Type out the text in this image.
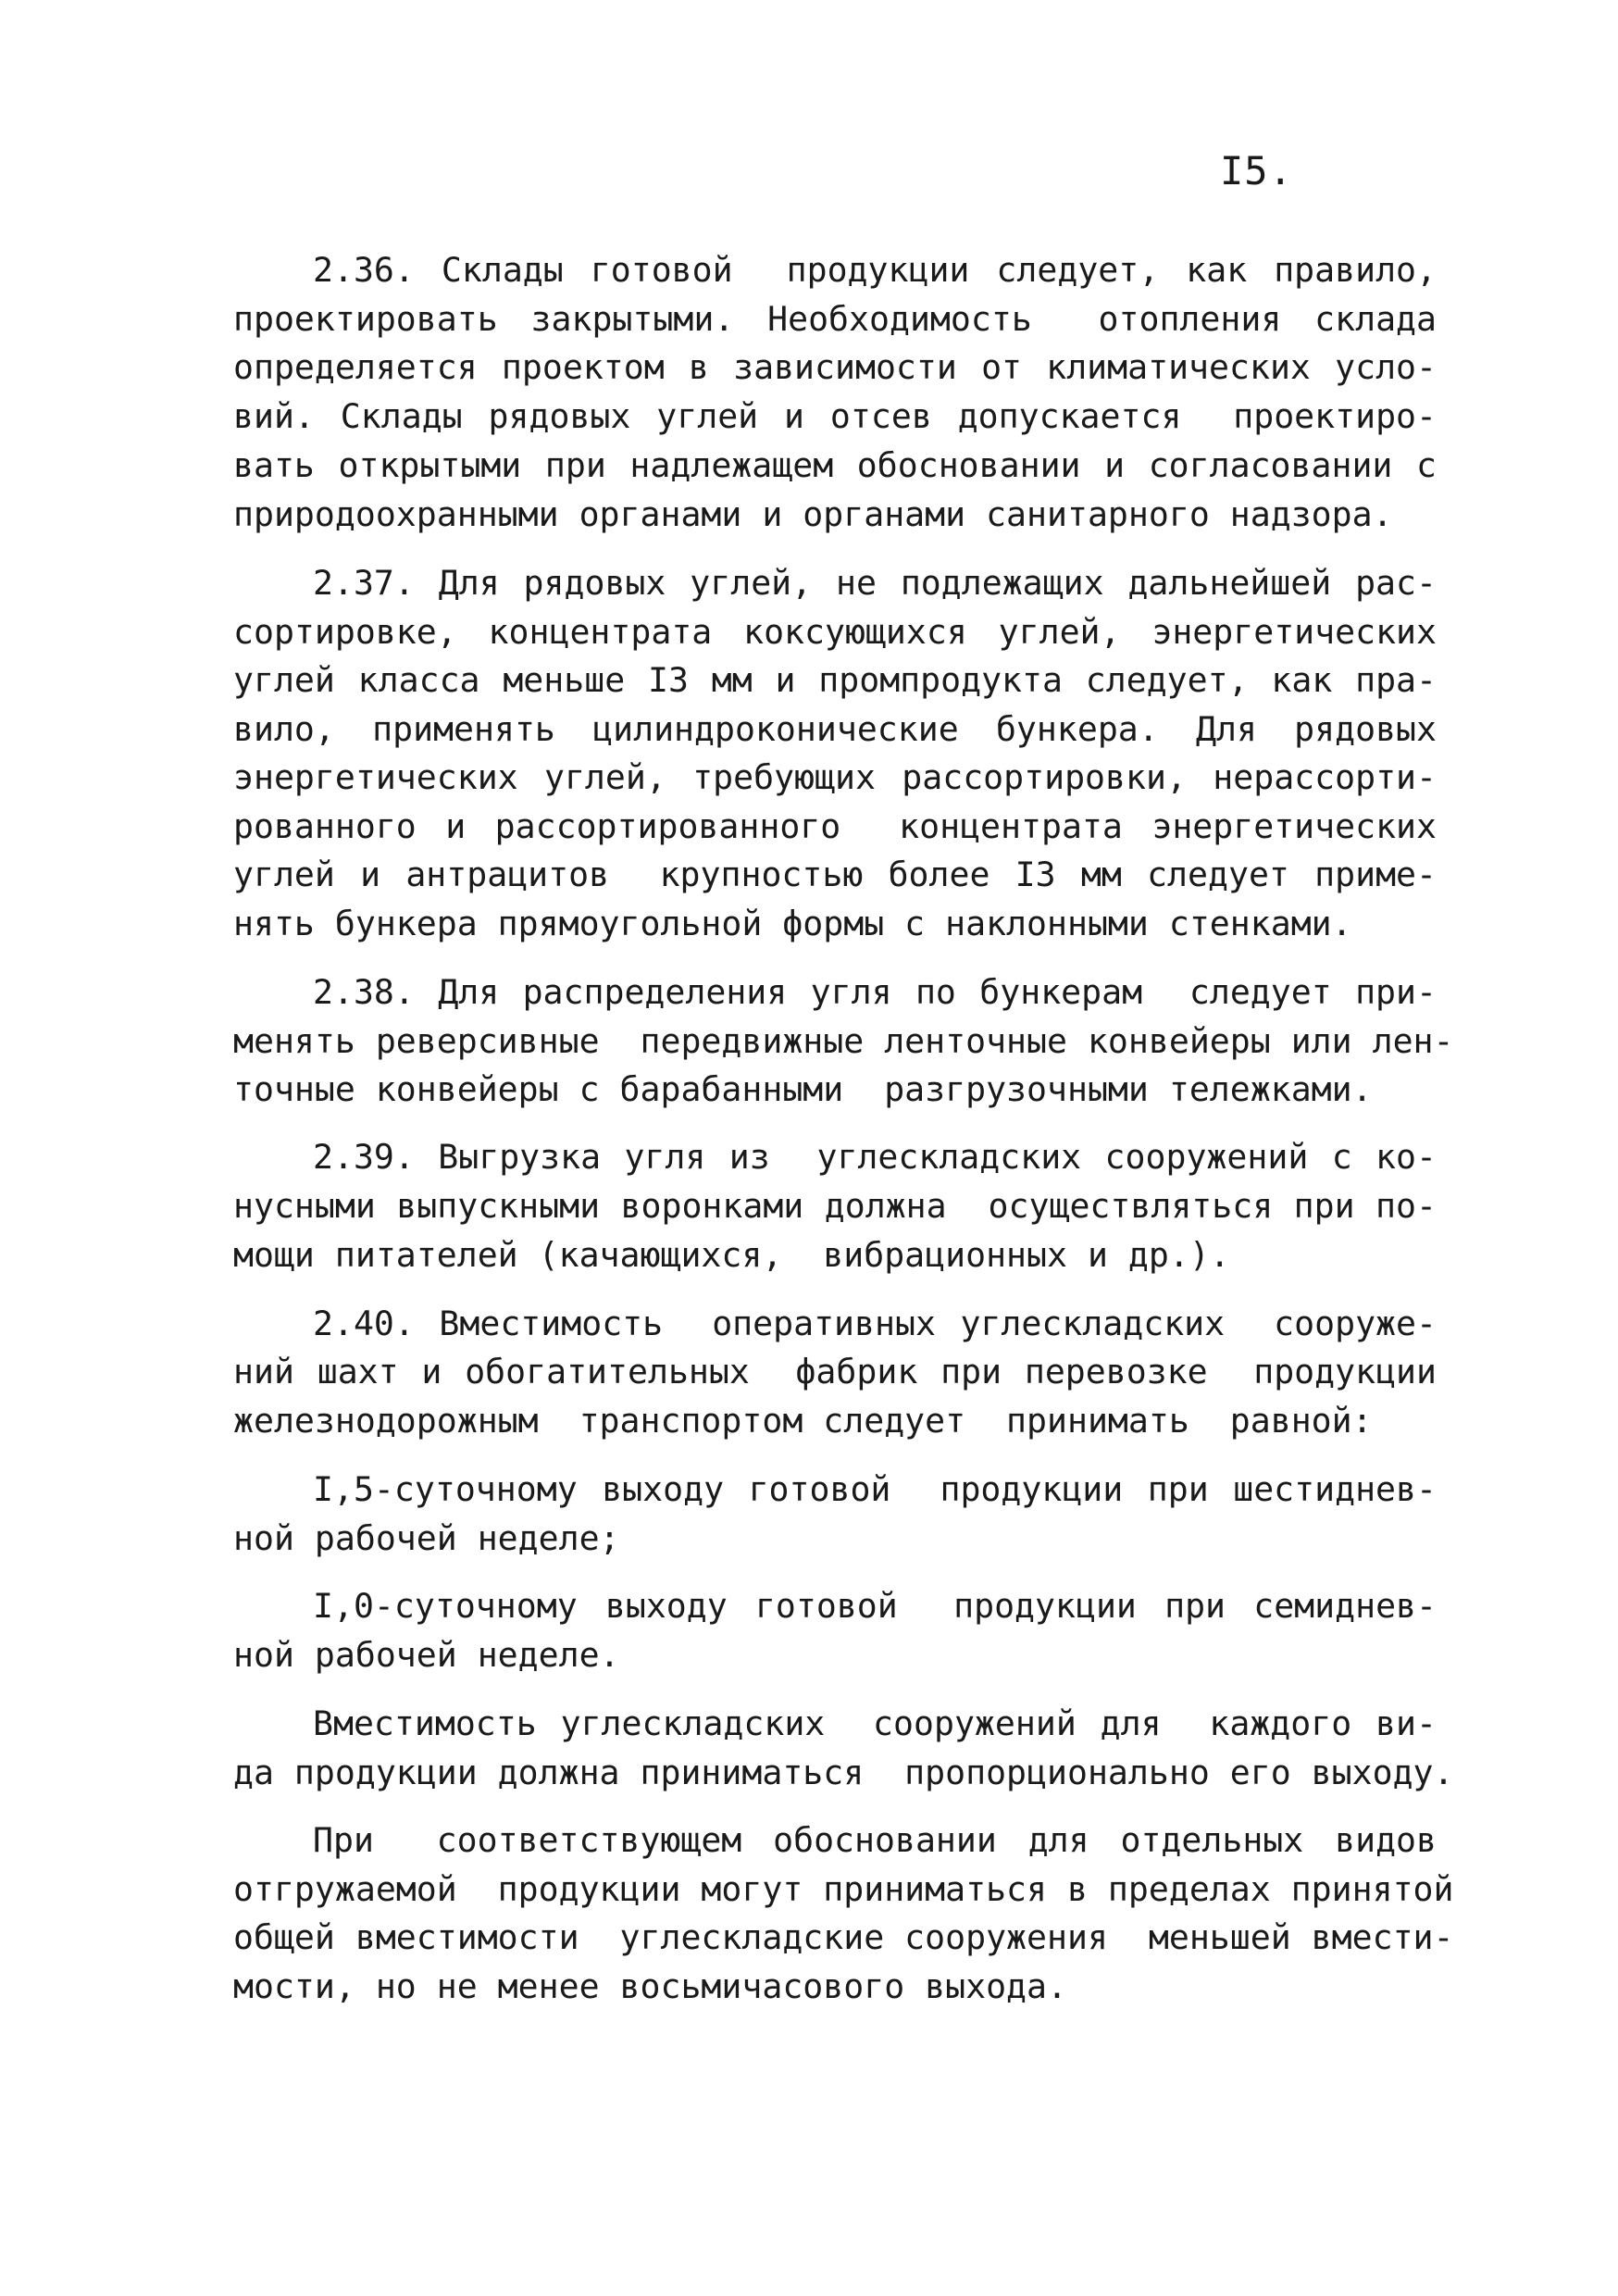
I5.
2.36. Склады готовой  продукции следует, как правило,
проектировать закрытыми. Необходимость  отопления склада
определяется проектом в зависимости от климатических усло-
вий. Склады рядовых углей и отсев допускается  проектиро-
вать открытыми при надлежащем обосновании и согласовании с
природоохранными органами и органами санитарного надзора.
2.37. Для рядовых углей, не подлежащих дальнейшей рас-
сортировке, концентрата коксующихся углей, энергетических
углей класса меньше I3 мм и промпродукта следует, как пра-
вило, применять цилиндроконические бункера. Для рядовых
энергетических углей, требующих рассортировки, нерассорти-
рованного и рассортированного  концентрата энергетических
углей и антрацитов  крупностью более I3 мм следует приме-
нять бункера прямоугольной формы с наклонными стенками.
2.38. Для распределения угля по бункерам  следует при-
менять реверсивные  передвижные ленточные конвейеры или лен-
точные конвейеры с барабанными  разгрузочными тележками.
2.39. Выгрузка угля из  углескладских сооружений с ко-
нусными выпускными воронками должна  осуществляться при по-
мощи питателей (качающихся,  вибрационных и др.).
2.40. Вместимость  оперативных углескладских  сооруже-
ний шахт и обогатительных  фабрик при перевозке  продукции
железнодорожным  транспортом следует  принимать  равной:
I,5-суточному выходу готовой  продукции при шестиднев-
ной рабочей неделе;
I,0-суточному выходу готовой  продукции при семиднев-
ной рабочей неделе.
Вместимость углескладских  сооружений для  каждого ви-
да продукции должна приниматься  пропорционально его выходу.
При  соответствующем обосновании для отдельных видов
отгружаемой  продукции могут приниматься в пределах принятой
общей вместимости  углескладские сооружения  меньшей вмести-
мости, но не менее восьмичасового выхода.
